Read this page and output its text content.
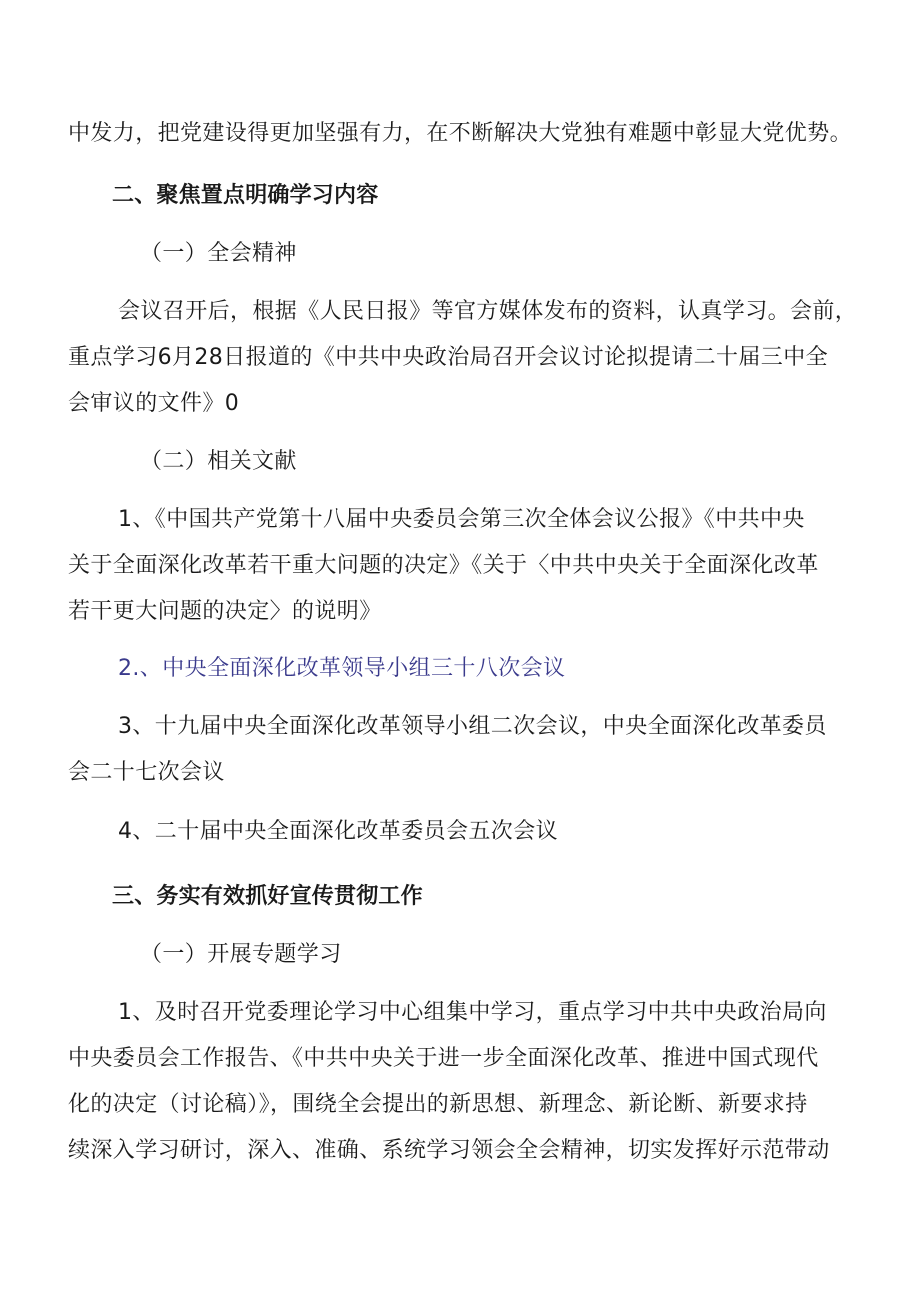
中发力，把党建设得更加坚强有力，在不断解决大党独有难题中彰显大党优势。
二、聚焦置点明确学习内容
（一）全会精神
会议召开后，根据《人民日报》等官方媒体发布的资料，认真学习。会前，
重点学习6月28日报道的《中共中央政治局召开会议讨论拟提请二十届三中全
会审议的文件》0
（二）相关文献
1、《中国共产党第十八届中央委员会第三次全体会议公报》《中共中央
关于全面深化改革若干重大问题的决定》《关于〈中共中央关于全面深化改革
若干更大问题的决定〉的说明》
2.、中央全面深化改革领导小组三十八次会议
3、十九届中央全面深化改革领导小组二次会议，中央全面深化改革委员
会二十七次会议
4、二十届中央全面深化改革委员会五次会议
三、务实有效抓好宣传贯彻工作
（一）开展专题学习
1、及时召开党委理论学习中心组集中学习，重点学习中共中央政治局向
中央委员会工作报告、《中共中央关于进一步全面深化改革、推进中国式现代
化的决定（讨论稿）》，围绕全会提出的新思想、新理念、新论断、新要求持
续深入学习研讨，深入、准确、系统学习领会全会精神，切实发挥好示范带动
